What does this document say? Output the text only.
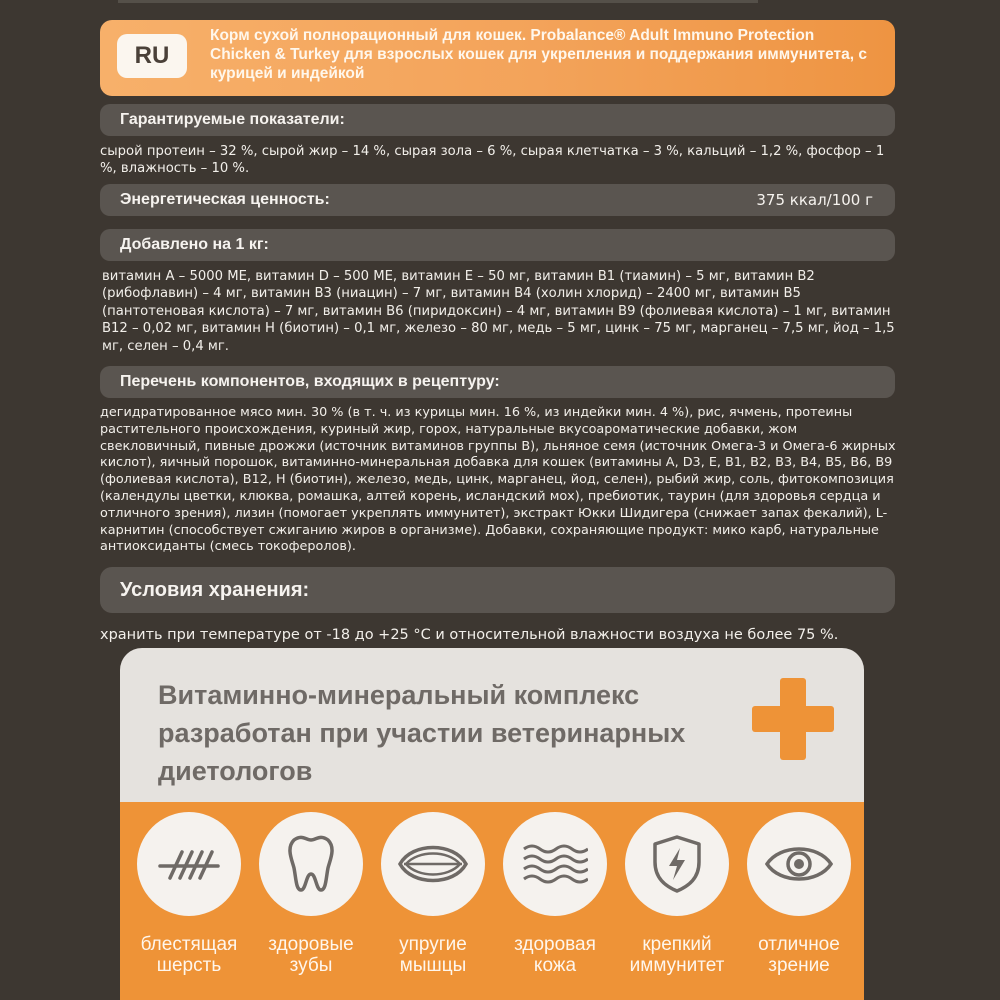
RU
Корм сухой полнорационный для кошек. Probalance® Adult Immuno Protection Chicken & Turkey для взрослых кошек для укрепления и поддержания иммунитета, с курицей и индейкой
Гарантируемые показатели:
сырой протеин – 32 %, сырой жир – 14 %, сырая зола – 6 %, сырая клетчатка – 3 %, кальций – 1,2 %, фосфор – 1 %, влажность – 10 %.
Энергетическая ценность:	375 ккал/100 г
Добавлено на 1 кг:
витамин A – 5000 МЕ, витамин D – 500 МЕ, витамин E – 50 мг, витамин B1 (тиамин) – 5 мг, витамин B2 (рибофлавин) – 4 мг, витамин B3 (ниацин) – 7 мг, витамин B4 (холин хлорид) – 2400 мг, витамин B5 (пантотеновая кислота) – 7 мг, витамин B6 (пиридоксин) – 4 мг, витамин B9 (фолиевая кислота) – 1 мг, витамин B12 – 0,02 мг, витамин H (биотин) – 0,1 мг, железо – 80 мг, медь – 5 мг, цинк – 75 мг, марганец – 7,5 мг, йод – 1,5 мг, селен – 0,4 мг.
Перечень компонентов, входящих в рецептуру:
дегидратированное мясо мин. 30 % (в т. ч. из курицы мин. 16 %, из индейки мин. 4 %), рис, ячмень, протеины растительного происхождения, куриный жир, горох, натуральные вкусоароматические добавки, жом свекловичный, пивные дрожжи (источник витаминов группы B), льняное семя (источник Омега-3 и Омега-6 жирных кислот), яичный порошок, витаминно-минеральная добавка для кошек (витамины A, D3, E, B1, B2, B3, B4, B5, B6, B9 (фолиевая кислота), B12, H (биотин), железо, медь, цинк, марганец, йод, селен), рыбий жир, соль, фитокомпозиция (календулы цветки, клюква, ромашка, алтей корень, исландский мох), пребиотик, таурин (для здоровья сердца и отличного зрения), лизин (помогает укреплять иммунитет), экстракт Юкки Шидигера (снижает запах фекалий), L-карнитин (способствует сжиганию жиров в организме). Добавки, сохраняющие продукт: мико карб, натуральные антиоксиданты (смесь токоферолов).
Условия хранения:
хранить при температуре от -18 до +25 °C и относительной влажности воздуха не более 75 %.
Витаминно-минеральный комплекс разработан при участии ветеринарных диетологов
блестящая
шерсть
здоровые
зубы
упругие
мышцы
здоровая
кожа
крепкий
иммунитет
отличное
зрение
